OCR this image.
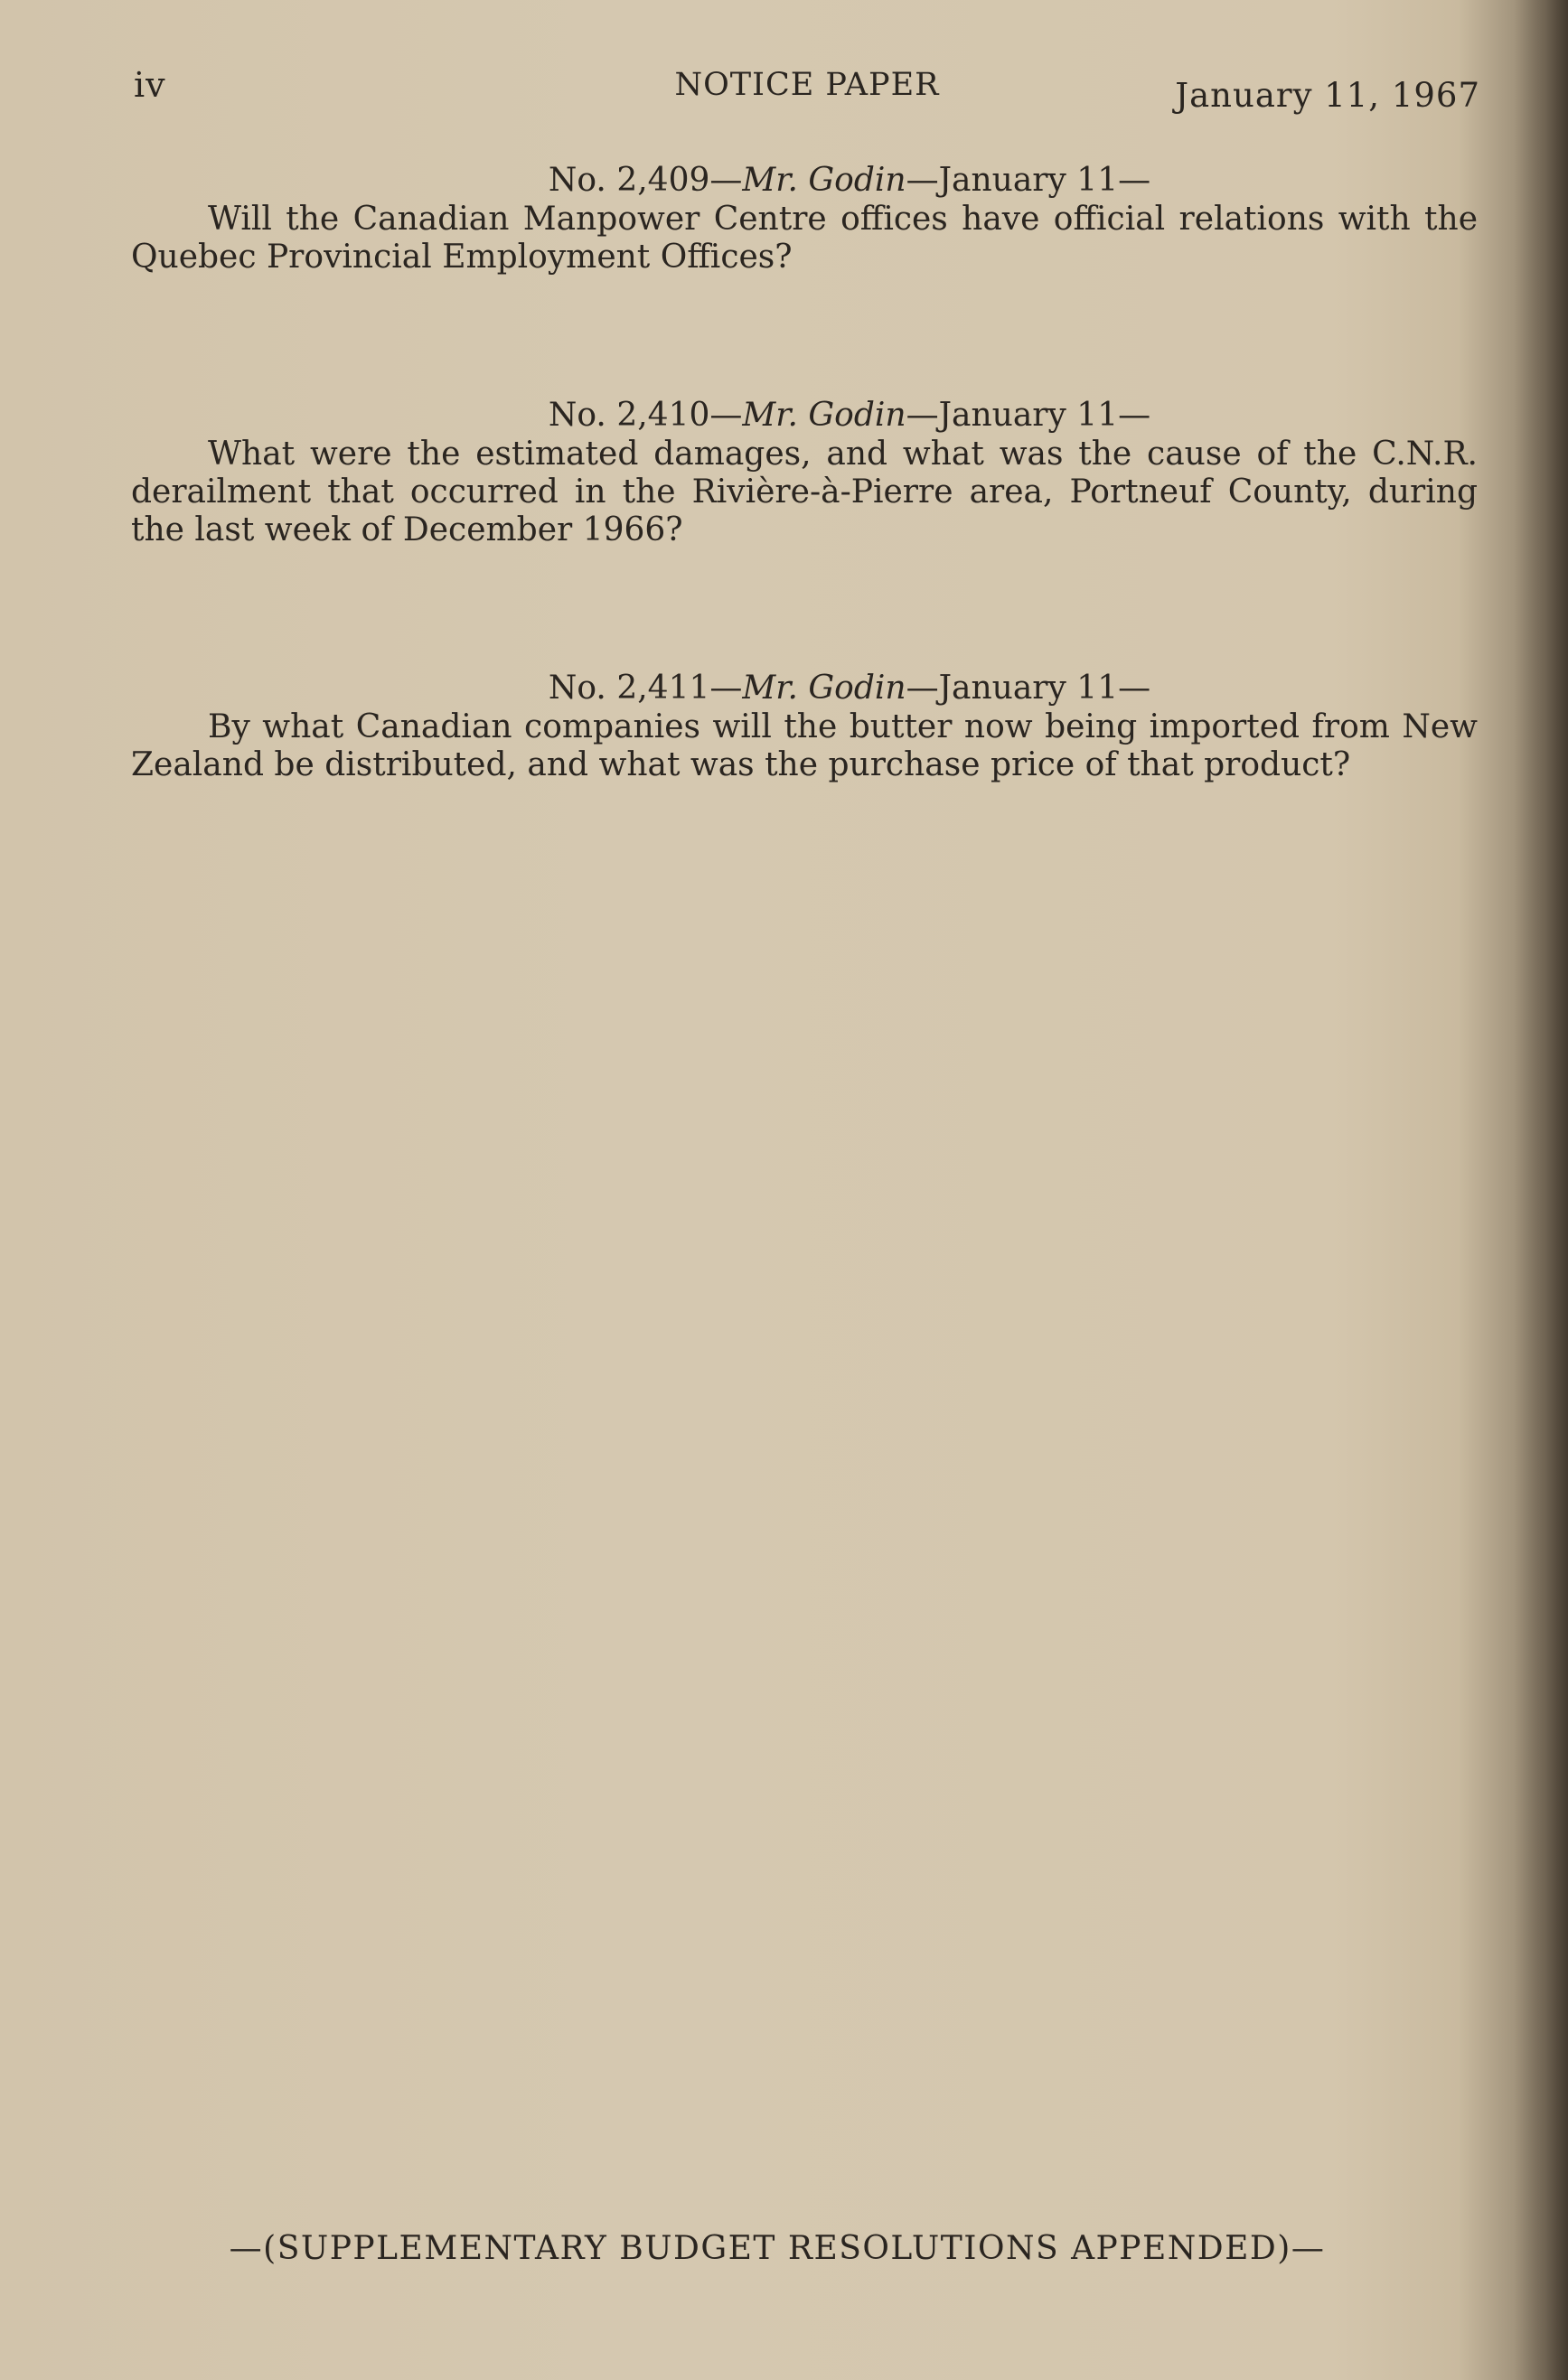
iv	NOTICE PAPER	January 11, 1967
No. 2,409—Mr. Godin—January 11—
Will the Canadian Manpower Centre offices have official relations with the Quebec Provincial Employment Offices?
No. 2,410—Mr. Godin—January 11—
What were the estimated damages, and what was the cause of the C.N.R. derailment that occurred in the Rivière-à-Pierre area, Portneuf County, during the last week of December 1966?
No. 2,411—Mr. Godin—January 11—
By what Canadian companies will the butter now being imported from New Zealand be distributed, and what was the purchase price of that product?
—(SUPPLEMENTARY BUDGET RESOLUTIONS APPENDED)—
